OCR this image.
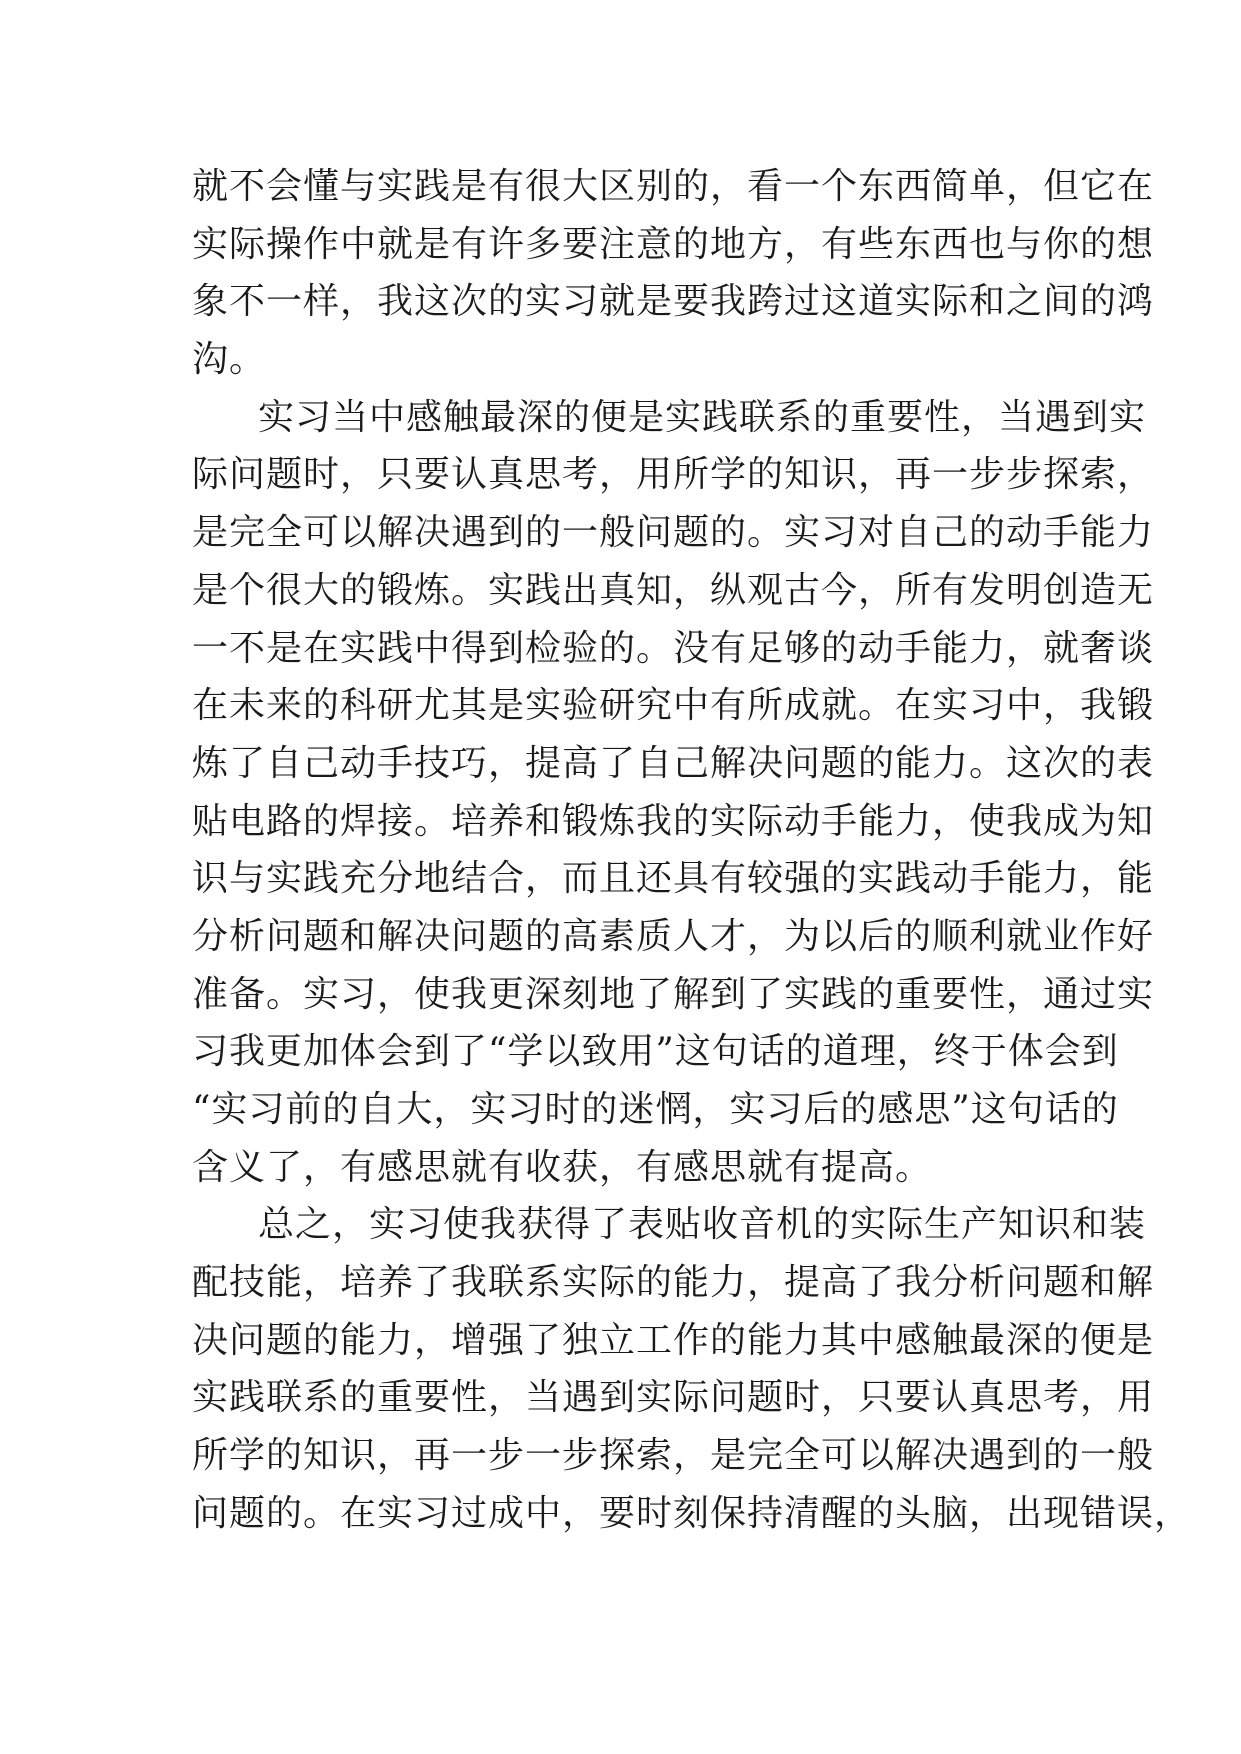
就不会懂与实践是有很大区别的，看一个东西简单，但它在
实际操作中就是有许多要注意的地方，有些东西也与你的想
象不一样，我这次的实习就是要我跨过这道实际和之间的鸿
沟。
实习当中感触最深的便是实践联系的重要性，当遇到实
际问题时，只要认真思考，用所学的知识，再一步步探索，
是完全可以解决遇到的一般问题的。实习对自己的动手能力
是个很大的锻炼。实践出真知，纵观古今，所有发明创造无
一不是在实践中得到检验的。没有足够的动手能力，就奢谈
在未来的科研尤其是实验研究中有所成就。在实习中，我锻
炼了自己动手技巧，提高了自己解决问题的能力。这次的表
贴电路的焊接。培养和锻炼我的实际动手能力，使我成为知
识与实践充分地结合，而且还具有较强的实践动手能力，能
分析问题和解决问题的高素质人才，为以后的顺利就业作好
准备。实习，使我更深刻地了解到了实践的重要性，通过实
习我更加体会到了“学以致用”这句话的道理，终于体会到
“实习前的自大，实习时的迷惘，实习后的感思”这句话的
含义了，有感思就有收获，有感思就有提高。
总之，实习使我获得了表贴收音机的实际生产知识和装
配技能，培养了我联系实际的能力，提高了我分析问题和解
决问题的能力，增强了独立工作的能力其中感触最深的便是
实践联系的重要性，当遇到实际问题时，只要认真思考，用
所学的知识，再一步一步探索，是完全可以解决遇到的一般
问题的。在实习过成中，要时刻保持清醒的头脑，出现错误，
